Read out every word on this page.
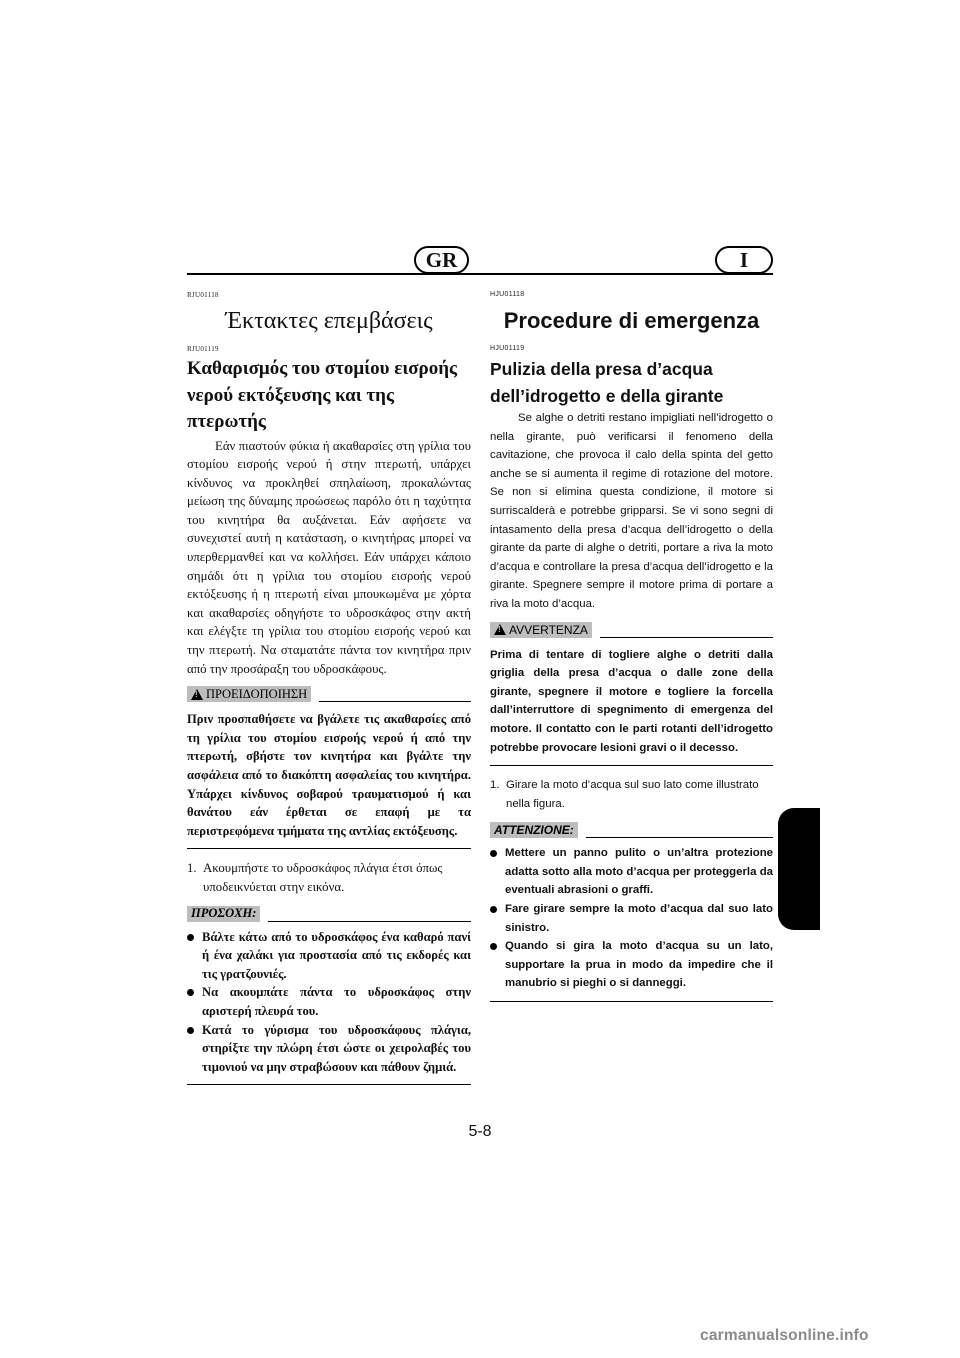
GR	I
RJU01118
Έκτακτες επεμβάσεις
RJU01119
Καθαρισμός του στομίου εισροής νερού εκτόξευσης και της πτερωτής

Εάν πιαστούν φύκια ή ακαθαρσίες στη γρίλια του στομίου εισροής νερού ή στην πτερωτή, υπάρχει κίνδυνος να προκληθεί σπηλαίωση, προκαλώντας μείωση της δύναμης προώσεως παρόλο ότι η ταχύτητα του κινητήρα θα αυξάνεται. Εάν αφήσετε να συνεχιστεί αυτή η κατάσταση, ο κινητήρας μπορεί να υπερθερμανθεί και να κολλήσει. Εάν υπάρχει κάποιο σημάδι ότι η γρίλια του στομίου εισροής νερού εκτόξευσης ή η πτερωτή είναι μπουκωμένα με χόρτα και ακαθαρσίες οδηγήστε το υδροσκάφος στην ακτή και ελέγξτε τη γρίλια του στομίου εισροής νερού και την πτερωτή. Να σταματάτε πάντα τον κινητήρα πριν από την προσάραξη του υδροσκάφους.

!
ΠΡΟΕΙΔΟΠΟΙΗΣΗ

Πριν προσπαθήσετε να βγάλετε τις ακαθαρσίες από τη γρίλια του στομίου εισροής νερού ή από την πτερωτή, σβήστε τον κινητήρα και βγάλτε την ασφάλεια από το διακόπτη ασφαλείας του κινητήρα. Υπάρχει κίνδυνος σοβαρού τραυματισμού ή και θανάτου εάν έρθεται σε επαφή με τα περιστρεφόμενα τμήματα της αντλίας εκτόξευσης.

1. Ακουμπήστε το υδροσκάφος πλάγια έτσι όπως υποδεικνύεται στην εικόνα.
ΠΡΟΣΟΧΗ:
Βάλτε κάτω από το υδροσκάφος ένα καθαρό πανί ή ένα χαλάκι για προστασία από τις εκδορές και τις γρατζουνιές.
Να ακουμπάτε πάντα το υδροσκάφος στην αριστερή πλευρά του.
Κατά το γύρισμα του υδροσκάφους πλάγια, στηρίξτε την πλώρη έτσι ώστε οι χειρολαβές του τιμονιού να μην στραβώσουν και πάθουν ζημιά.
HJU01118
Procedure di emergenza
HJU01119
Pulizia della presa d’acqua dell’idrogetto e della girante

Se alghe o detriti restano impigliati nell’idrogetto o nella girante, può verificarsi il fenomeno della cavitazione, che provoca il calo della spinta del getto anche se si aumenta il regime di rotazione del motore. Se non si elimina questa condizione, il motore si surriscalderà e potrebbe gripparsi. Se vi sono segni di intasamento della presa d’acqua dell’idrogetto o della girante da parte di alghe o detriti, portare a riva la moto d’acqua e controllare la presa d’acqua dell’idrogetto e la girante. Spegnere sempre il motore prima di portare a riva la moto d’acqua.

!
AVVERTENZA

Prima di tentare di togliere alghe o detriti dalla griglia della presa d’acqua o dalle zone della girante, spegnere il motore e togliere la forcella dall’interruttore di spegnimento di emergenza del motore. Il contatto con le parti rotanti dell’idrogetto potrebbe provocare lesioni gravi o il decesso.

1. Girare la moto d’acqua sul suo lato come illustrato nella figura.
ATTENZIONE:
Mettere un panno pulito o un’altra protezione adatta sotto alla moto d’acqua per proteggerla da eventuali abrasioni o graffi.
Fare girare sempre la moto d’acqua dal suo lato sinistro.
Quando si gira la moto d’acqua su un lato, supportare la prua in modo da impedire che il manubrio si pieghi o si danneggi.
5-8
carmanualsonline.info
